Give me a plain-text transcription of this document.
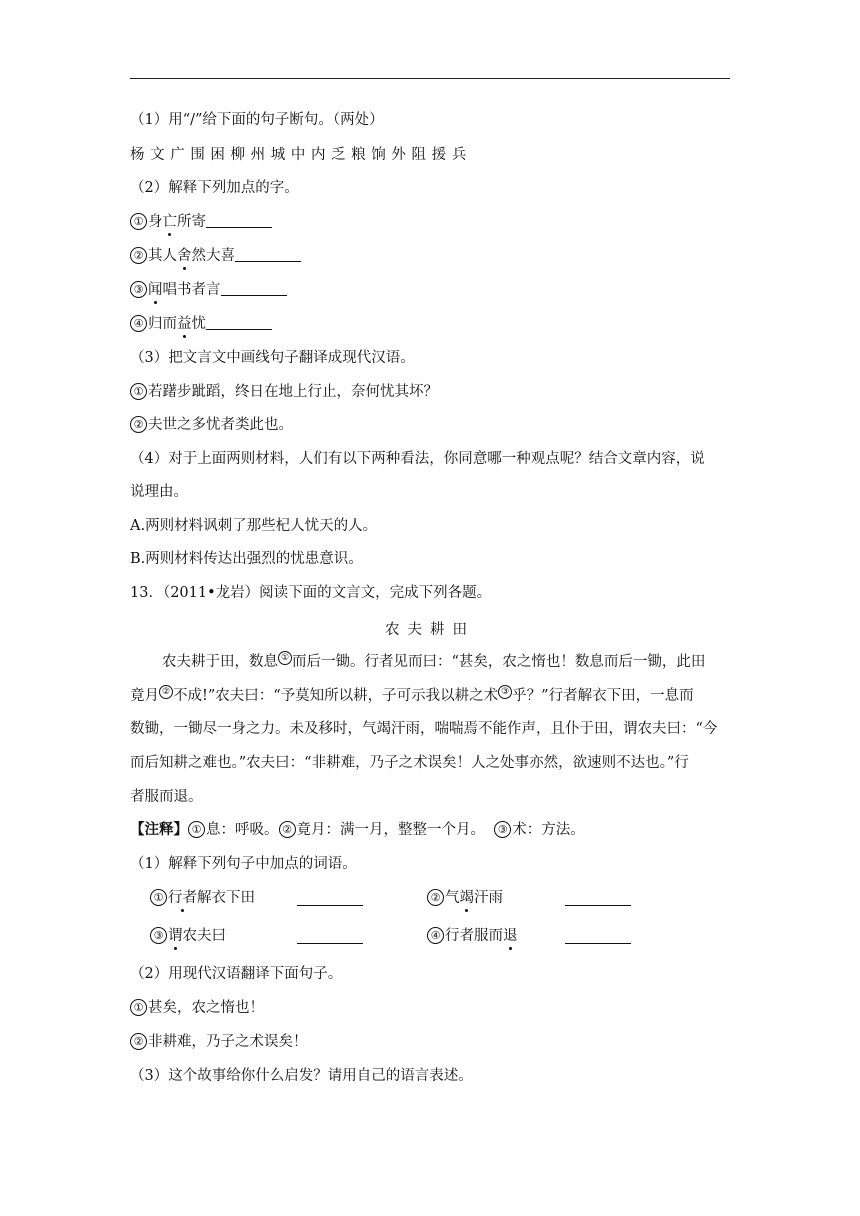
（1）用“/”给下面的句子断句。（两处）
杨 文 广 围 困 柳 州 城 中 内 乏 粮 饷 外 阻 援 兵
（2）解释下列加点的字。
① 身亡所寄
② 其人舍然大喜
③ 闻唱书者言
④ 归而益忧
（3）把文言文中画线句子翻译成现代汉语。
① 若躇步跐蹈，终日在地上行止，奈何忧其坏？
② 夫世之多忧者类此也。
（4）对于上面两则材料，人们有以下两种看法，你同意哪一种观点呢？结合文章内容，说
说理由。
A.两则材料讽刺了那些杞人忧天的人。
B.两则材料传达出强烈的忧患意识。
13．（2011•龙岩）阅读下面的文言文，完成下列各题。
农夫耕田
农夫耕于田，数息 ① 而后一锄。行者见而曰：“甚矣，农之惰也！数息而后一锄，此田
竟月 ② 不成!”农夫曰：“予莫知所以耕，子可示我以耕之术 ③ 乎？”行者解衣下田，一息而
数锄，一锄尽一身之力。未及移时，气竭汗雨，喘喘焉不能作声，且仆于田，谓农夫曰：“今
而后知耕之难也。”农夫曰：“非耕难，乃子之术误矣！人之处事亦然，欲速则不达也。”行
者服而退。
【注释】 ① 息：呼吸。 ② 竟月：满一月，整整一个月。 ③ 术：方法。
（1）解释下列句子中加点的词语。
① 行者解衣下田	② 气竭汗雨
③ 谓农夫曰	④ 行者服而退
（2）用现代汉语翻译下面句子。
① 甚矣，农之惰也！
② 非耕难，乃子之术误矣！
（3）这个故事给你什么启发？请用自己的语言表述。
